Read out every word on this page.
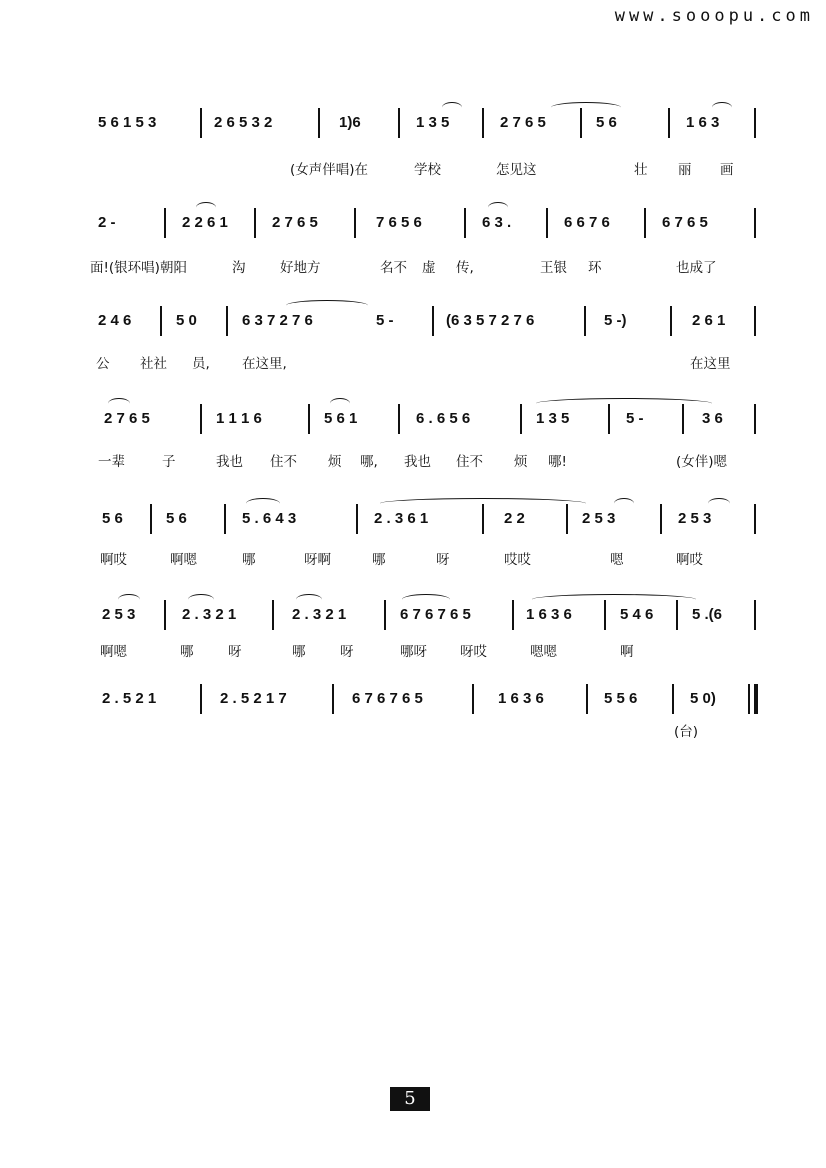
www.sooopu.com
5 6 1 5 3	2 6 5 3 2	1)6	1 3 5	2 7 6 5	5 6	1 6 3
(女声伴唱)在	学校	怎见这	壮 丽 画
2 -	2 2 6 1	2 7 6 5	7 6 5 6	6 3 .	6 6 7 6	6 7 6 5
面!(银环唱)朝阳	沟	好地方	名不 虚 传,	王银 环	也成了
2 4 6	5 0	6 3 7 2 7 6	5 -	(6 3 5 7 2 7 6	5 -)	2 6 1
公 社社 员, 在这里,	在这里
2 7 6 5	1 1 1 6	5 6 1	6 . 6 5 6	1 3 5	5 -	3 6
一辈	子	我也 住不 烦 哪, 我也 住不 烦 哪!	(女伴)嗯
5 6	5 6	5 . 6 4 3	2 . 3 6 1	2 2	2 5 3	2 5 3
啊哎	啊嗯	哪	呀啊	哪	呀	哎哎	嗯	啊哎
2 5 3	2 . 3 2 1	2 . 3 2 1	6 7 6 7 6 5	1 6 3 6	5 4 6	5 .(6
啊嗯	哪	呀	哪	呀	哪呀 呀哎	嗯嗯	啊
2 . 5 2 1	2 . 5 2 1 7	6 7 6 7 6 5	1 6 3 6	5 5 6	5 0)
(台)
5
